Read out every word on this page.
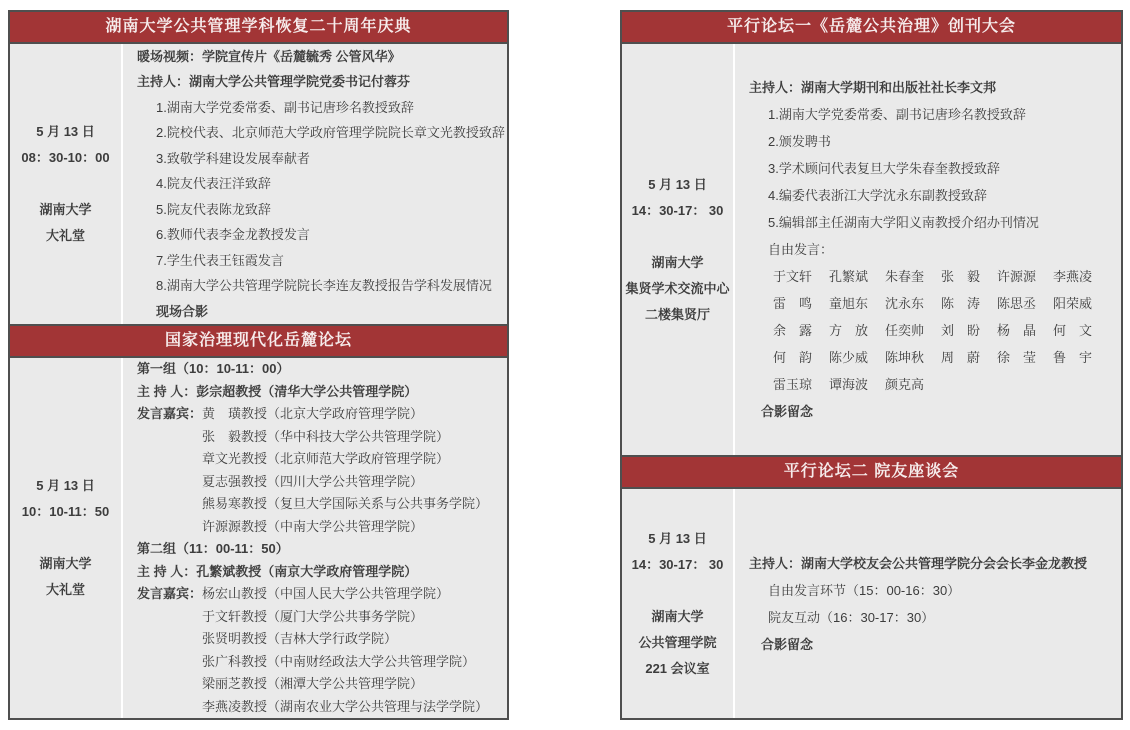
湖南大学公共管理学科恢复二十周年庆典
5 月 13 日
08：30-10：00

湖南大学
大礼堂
暖场视频：学院宣传片《岳麓毓秀 公管风华》
主持人：湖南大学公共管理学院党委书记付蓉芬
1.湖南大学党委常委、副书记唐珍名教授致辞
2.院校代表、北京师范大学政府管理学院院长章文光教授致辞
3.致敬学科建设发展奉献者
4.院友代表汪洋致辞
5.院友代表陈龙致辞
6.教师代表李金龙教授发言
7.学生代表王钰霞发言
8.湖南大学公共管理学院院长李连友教授报告学科发展情况
现场合影
国家治理现代化岳麓论坛
5 月 13 日
10：10-11：50

湖南大学
大礼堂
第一组（10：10-11：00）
主 持 人：彭宗超教授（清华大学公共管理学院）
发言嘉宾：黄　璜教授（北京大学政府管理学院）
张　毅教授（华中科技大学公共管理学院）
章文光教授（北京师范大学政府管理学院）
夏志强教授（四川大学公共管理学院）
熊易寒教授（复旦大学国际关系与公共事务学院）
许源源教授（中南大学公共管理学院）
第二组（11：00-11：50）
主 持 人：孔繁斌教授（南京大学政府管理学院）
发言嘉宾：杨宏山教授（中国人民大学公共管理学院）
于文轩教授（厦门大学公共事务学院）
张贤明教授（吉林大学行政学院）
张广科教授（中南财经政法大学公共管理学院）
梁丽芝教授（湘潭大学公共管理学院）
李燕凌教授（湖南农业大学公共管理与法学学院）
平行论坛一《岳麓公共治理》创刊大会
5 月 13 日
14：30-17： 30

湖南大学
集贤学术交流中心
二楼集贤厅
主持人：湖南大学期刊和出版社社长李文邦
1.湖南大学党委常委、副书记唐珍名教授致辞
2.颁发聘书
3.学术顾问代表复旦大学朱春奎教授致辞
4.编委代表浙江大学沈永东副教授致辞
5.编辑部主任湖南大学阳义南教授介绍办刊情况
自由发言：
于文轩	孔繁斌	朱春奎	张　毅	许源源	李燕凌
雷　鸣	童旭东	沈永东	陈　涛	陈思丞	阳荣威
余　露	方　放	任奕帅	刘　盼	杨　晶	何　文
何　韵	陈少威	陈坤秋	周　蔚	徐　莹	鲁　宇
雷玉琼	谭海波	颜克高
合影留念
平行论坛二 院友座谈会
5 月 13 日
14：30-17： 30

湖南大学
公共管理学院
221 会议室
主持人：湖南大学校友会公共管理学院分会会长李金龙教授
自由发言环节（15：00-16：30）
院友互动（16：30-17：30）
合影留念
